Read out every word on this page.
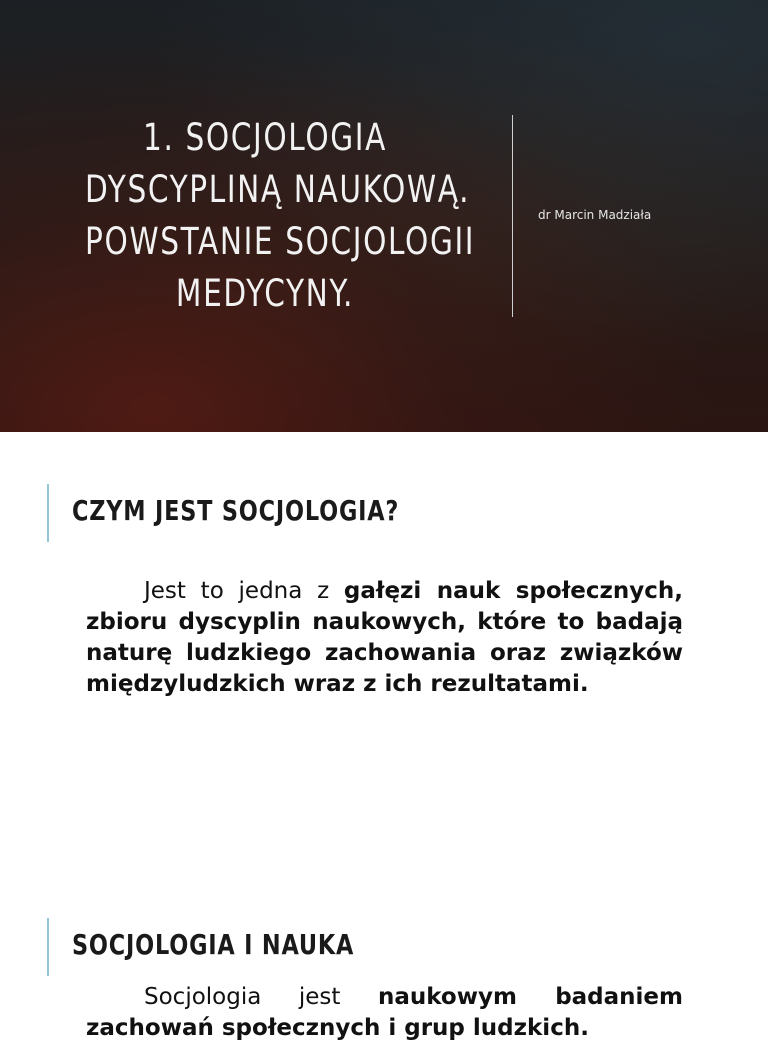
1. SOCJOLOGIA
DYSCYPLINĄ NAUKOWĄ.
POWSTANIE SOCJOLOGII
MEDYCYNY.
dr Marcin Madziała
CZYM JEST SOCJOLOGIA?

Jest to jedna z gałęzi nauk społecznych, zbioru dyscyplin naukowych, które to badają naturę ludzkiego zachowania oraz związków międzyludzkich wraz z ich rezultatami.

SOCJOLOGIA I NAUKA

Socjologia jest naukowym badaniem zachowań społecznych i grup ludzkich.
